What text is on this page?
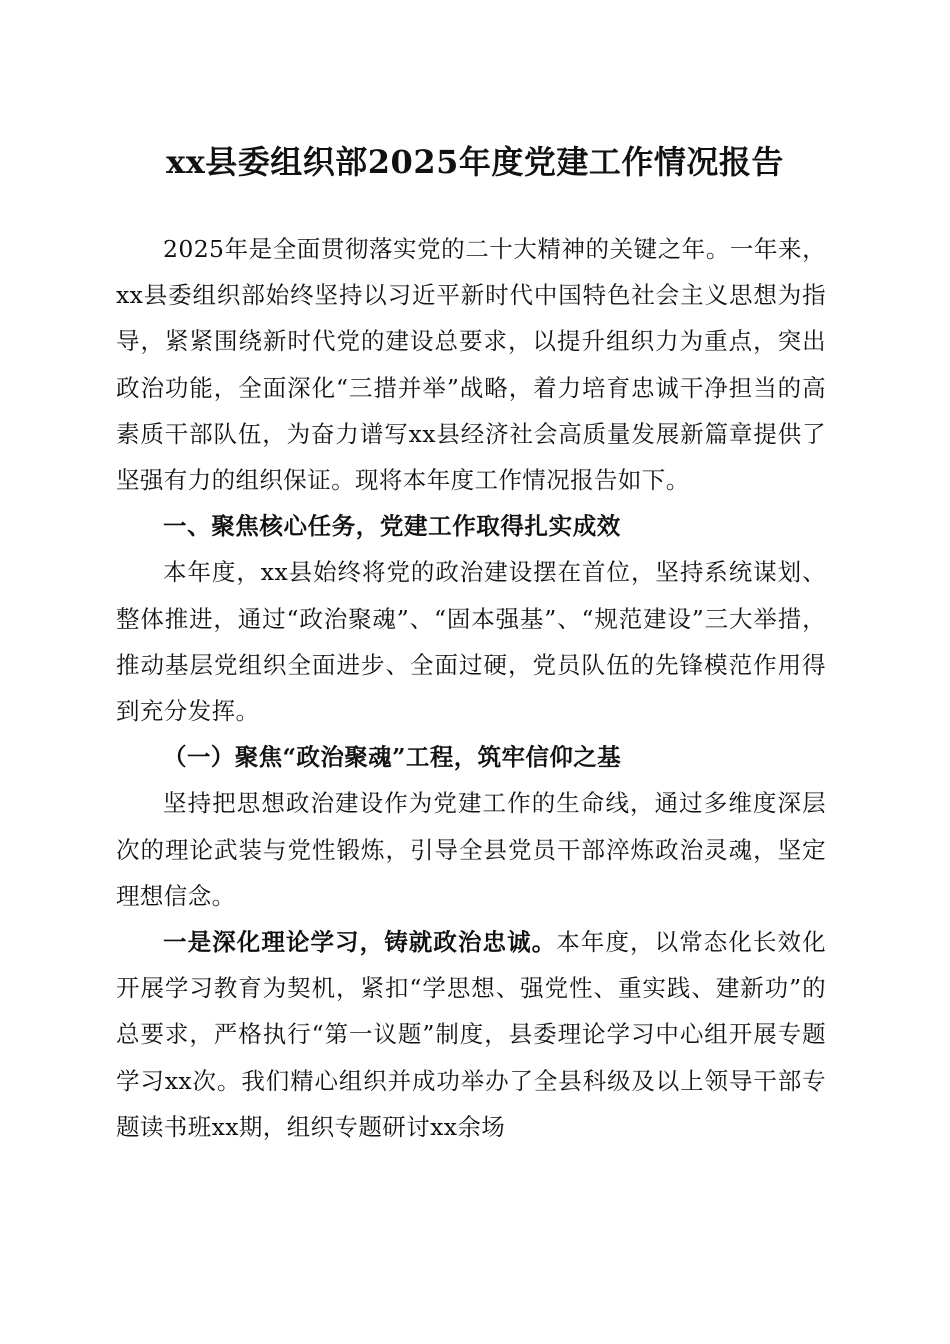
xx县委组织部2025年度党建工作情况报告

2025年是全面贯彻落实党的二十大精神的关键之年。一年来，xx县委组织部始终坚持以习近平新时代中国特色社会主义思想为指导，紧紧围绕新时代党的建设总要求，以提升组织力为重点，突出政治功能，全面深化“三措并举”战略，着力培育忠诚干净担当的高素质干部队伍，为奋力谱写xx县经济社会高质量发展新篇章提供了坚强有力的组织保证。现将本年度工作情况报告如下。

一、聚焦核心任务，党建工作取得扎实成效

本年度，xx县始终将党的政治建设摆在首位，坚持系统谋划、整体推进，通过“政治聚魂”、“固本强基”、“规范建设”三大举措，推动基层党组织全面进步、全面过硬，党员队伍的先锋模范作用得到充分发挥。

（一）聚焦“政治聚魂”工程，筑牢信仰之基

坚持把思想政治建设作为党建工作的生命线，通过多维度深层次的理论武装与党性锻炼，引导全县党员干部淬炼政治灵魂，坚定理想信念。

一是深化理论学习，铸就政治忠诚。本年度，以常态化长效化开展学习教育为契机，紧扣“学思想、强党性、重实践、建新功”的总要求，严格执行“第一议题”制度，县委理论学习中心组开展专题学习xx次。我们精心组织并成功举办了全县科级及以上领导干部专题读书班xx期，组织专题研讨xx余场
